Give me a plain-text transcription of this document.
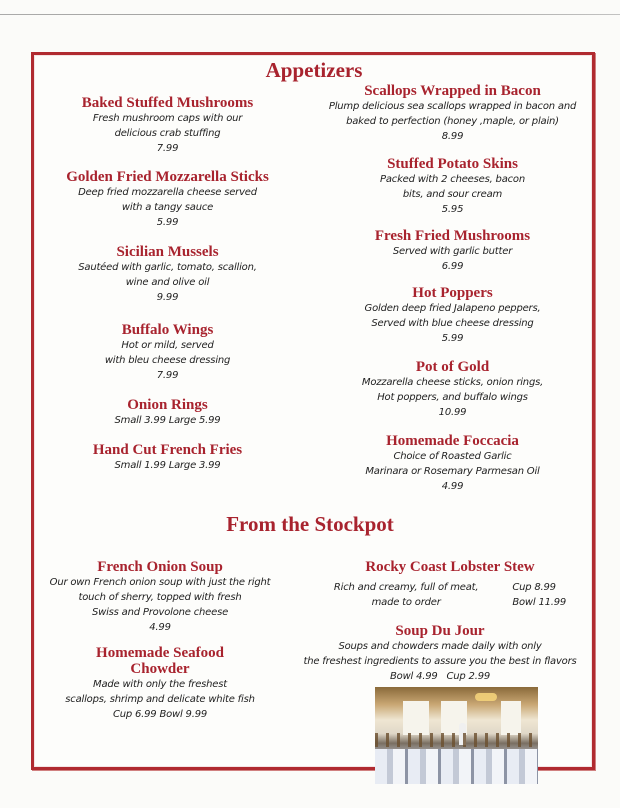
Appetizers
Baked Stuffed Mushrooms
Fresh mushroom caps with our
delicious crab stuffing
7.99
Golden Fried Mozzarella Sticks
Deep fried mozzarella cheese served
with a tangy sauce
5.99
Sicilian Mussels
Sautéed with garlic, tomato, scallion,
wine and olive oil
9.99
Buffalo Wings
Hot or mild, served
with bleu cheese dressing
7.99
Onion Rings
Small 3.99 Large 5.99
Hand Cut French Fries
Small 1.99 Large 3.99
Scallops Wrapped in Bacon
Plump delicious sea scallops wrapped in bacon and
baked to perfection (honey ,maple, or plain)
8.99
Stuffed Potato Skins
Packed with 2 cheeses, bacon
bits, and sour cream
5.95
Fresh Fried Mushrooms
Served with garlic butter
6.99
Hot Poppers
Golden deep fried Jalapeno peppers,
Served with blue cheese dressing
5.99
Pot of Gold
Mozzarella cheese sticks, onion rings,
Hot poppers, and buffalo wings
10.99
Homemade Foccacia
Choice of Roasted Garlic
Marinara or Rosemary Parmesan Oil
4.99
From the Stockpot
French Onion Soup
Our own French onion soup with just the right
touch of sherry, topped with fresh
Swiss and Provolone cheese
4.99
Homemade Seafood
Chowder
Made with only the freshest
scallops, shrimp and delicate white fish
Cup 6.99 Bowl 9.99
Rocky Coast Lobster Stew
Rich and creamy, full of meat,	Cup 8.99
made to order	Bowl 11.99
Soup Du Jour
Soups and chowders made daily with only
the freshest ingredients to assure you the best in flavors
Bowl 4.99   Cup 2.99
